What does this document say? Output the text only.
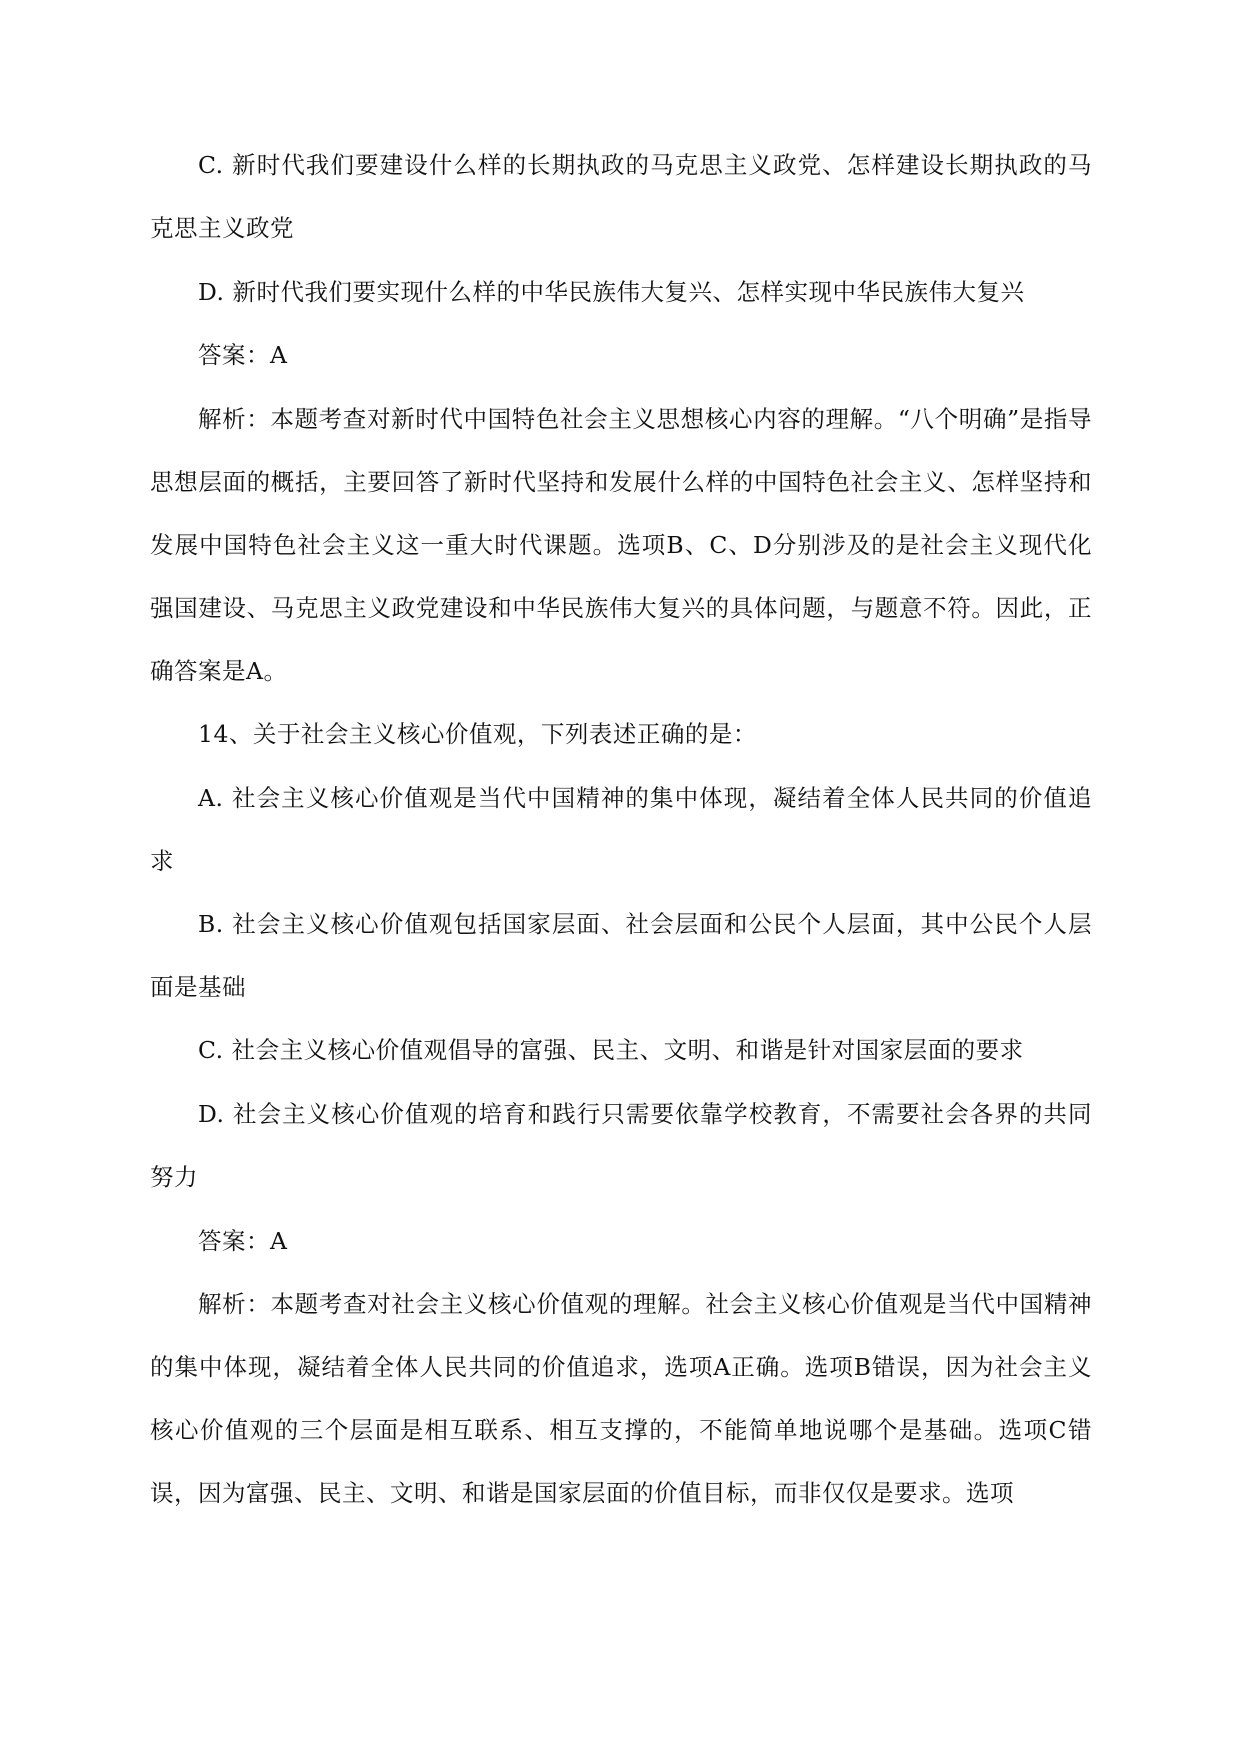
C. 新时代我们要建设什么样的长期执政的马克思主义政党、怎样建设长期执政的马克思主义政党

D. 新时代我们要实现什么样的中华民族伟大复兴、怎样实现中华民族伟大复兴

答案：A

解析：本题考查对新时代中国特色社会主义思想核心内容的理解。“八个明确”是指导思想层面的概括，主要回答了新时代坚持和发展什么样的中国特色社会主义、怎样坚持和发展中国特色社会主义这一重大时代课题。选项B、C、D分别涉及的是社会主义现代化强国建设、马克思主义政党建设和中华民族伟大复兴的具体问题，与题意不符。因此，正确答案是A。

14、关于社会主义核心价值观，下列表述正确的是：

A. 社会主义核心价值观是当代中国精神的集中体现，凝结着全体人民共同的价值追求

B. 社会主义核心价值观包括国家层面、社会层面和公民个人层面，其中公民个人层面是基础

C. 社会主义核心价值观倡导的富强、民主、文明、和谐是针对国家层面的要求

D. 社会主义核心价值观的培育和践行只需要依靠学校教育，不需要社会各界的共同努力

答案：A

解析：本题考查对社会主义核心价值观的理解。社会主义核心价值观是当代中国精神的集中体现，凝结着全体人民共同的价值追求，选项A正确。选项B错误，因为社会主义核心价值观的三个层面是相互联系、相互支撑的，不能简单地说哪个是基础。选项C错误，因为富强、民主、文明、和谐是国家层面的价值目标，而非仅仅是要求。选项
